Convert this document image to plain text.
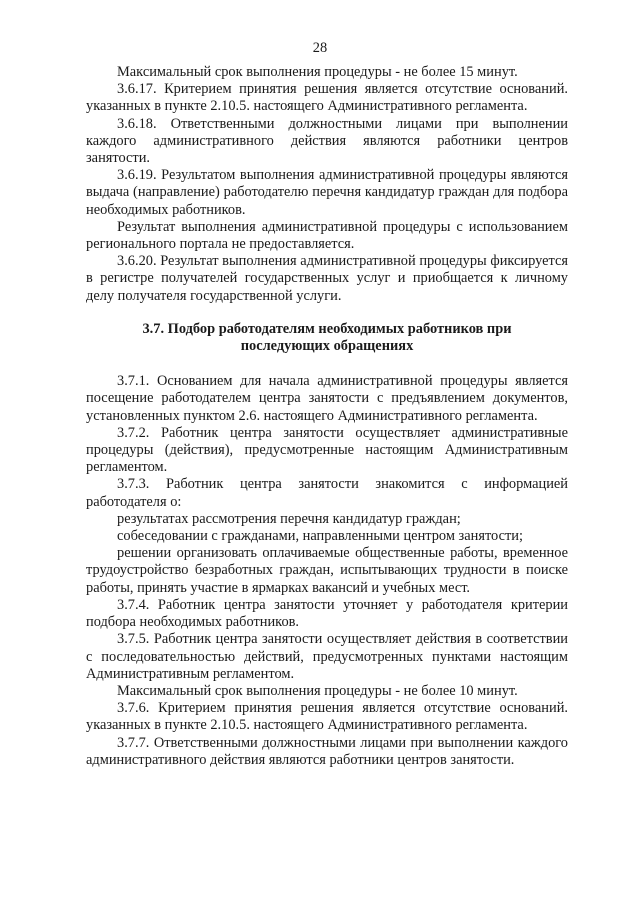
28

Максимальный срок выполнения процедуры - не более 15 минут.

3.6.17. Критерием принятия решения является отсутствие оснований. указанных в пункте 2.10.5. настоящего Административного регламента.

3.6.18. Ответственными должностными лицами при выполнении каждого административного действия являются работники центров занятости.

3.6.19. Результатом выполнения административной процедуры являются выдача (направление) работодателю перечня кандидатур граждан для подбора необходимых работников.

Результат выполнения административной процедуры с использованием регионального портала не предоставляется.

3.6.20. Результат выполнения административной процедуры фиксируется в регистре получателей государственных услуг и приобщается к личному делу получателя государственной услуги.

3.7. Подбор работодателям необходимых работников при
последующих обращениях

3.7.1. Основанием для начала административной процедуры является посещение работодателем центра занятости с предъявлением документов, установленных пунктом 2.6. настоящего Административного регламента.

3.7.2. Работник центра занятости осуществляет административные процедуры (действия), предусмотренные настоящим Административным регламентом.

3.7.3. Работник центра занятости знакомится с информацией работодателя о:

результатах рассмотрения перечня кандидатур граждан;

собеседовании с гражданами, направленными центром занятости;

решении организовать оплачиваемые общественные работы, временное трудоустройство безработных граждан, испытывающих трудности в поиске работы, принять участие в ярмарках вакансий и учебных мест.

3.7.4. Работник центра занятости уточняет у работодателя критерии подбора необходимых работников.

3.7.5. Работник центра занятости осуществляет действия в соответствии с последовательностью действий, предусмотренных пунктами настоящим Административным регламентом.

Максимальный срок выполнения процедуры - не более 10 минут.

3.7.6. Критерием принятия решения является отсутствие оснований. указанных в пункте 2.10.5. настоящего Административного регламента.

3.7.7. Ответственными должностными лицами при выполнении каждого административного действия являются работники центров занятости.
